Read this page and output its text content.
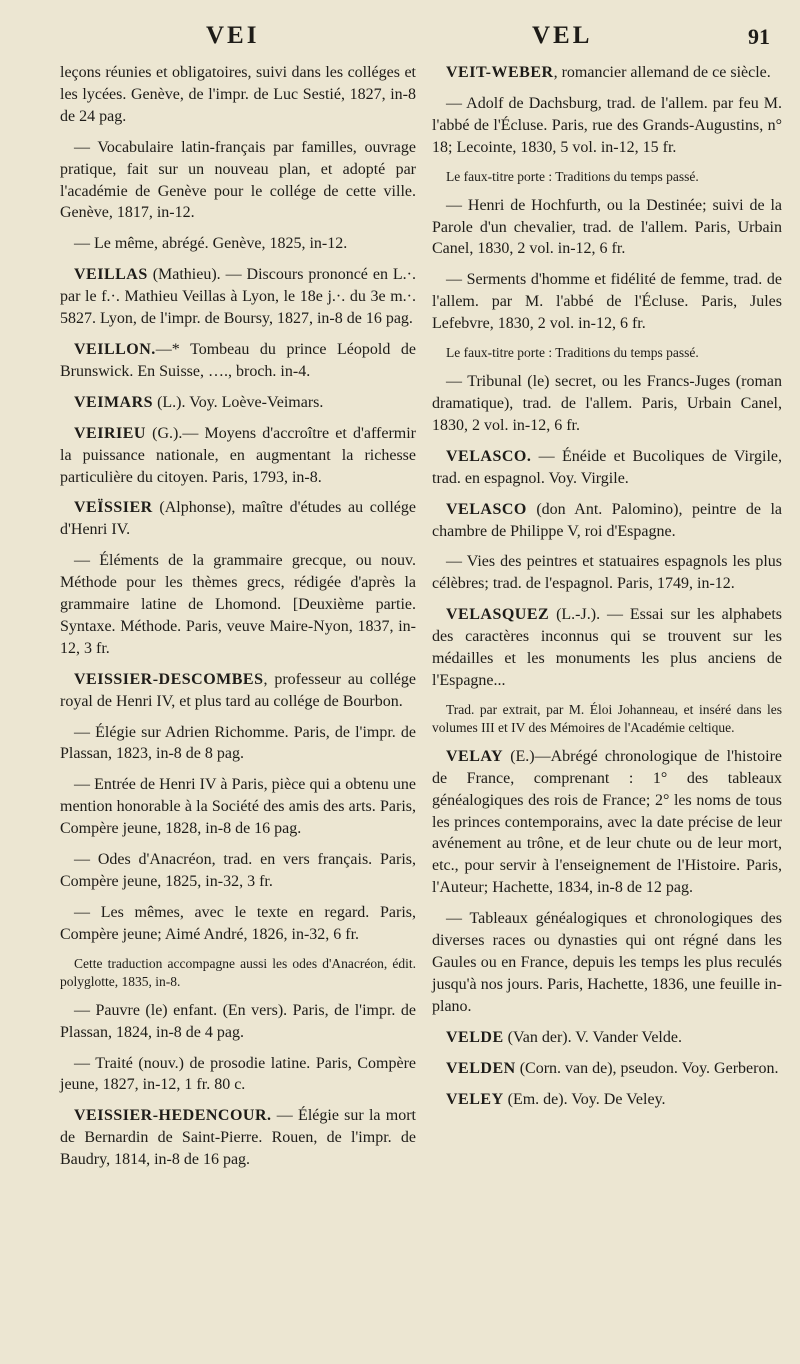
VEI	VEL	91

leçons réunies et obligatoires, suivi dans les colléges et les lycées. Genève, de l'impr. de Luc Sestié, 1827, in-8 de 24 pag.

— Vocabulaire latin-français par familles, ouvrage pratique, fait sur un nouveau plan, et adopté par l'académie de Genève pour le collége de cette ville. Genève, 1817, in-12.

— Le même, abrégé. Genève, 1825, in-12.

VEILLAS (Mathieu). — Discours prononcé en L.·. par le f.·. Mathieu Veillas à Lyon, le 18e j.·. du 3e m.·. 5827. Lyon, de l'impr. de Boursy, 1827, in-8 de 16 pag.

VEILLON.—* Tombeau du prince Léopold de Brunswick. En Suisse, …., broch. in-4.

VEIMARS (L.). Voy. Loève-Veimars.

VEIRIEU (G.).— Moyens d'accroître et d'affermir la puissance nationale, en augmentant la richesse particulière du citoyen. Paris, 1793, in-8.

VEÏSSIER (Alphonse), maître d'études au collége d'Henri IV.

— Éléments de la grammaire grecque, ou nouv. Méthode pour les thèmes grecs, rédigée d'après la grammaire latine de Lhomond. [Deuxième partie. Syntaxe. Méthode. Paris, veuve Maire-Nyon, 1837, in-12, 3 fr.

VEISSIER-DESCOMBES, professeur au collége royal de Henri IV, et plus tard au collége de Bourbon.

— Élégie sur Adrien Richomme. Paris, de l'impr. de Plassan, 1823, in-8 de 8 pag.

— Entrée de Henri IV à Paris, pièce qui a obtenu une mention honorable à la Société des amis des arts. Paris, Compère jeune, 1828, in-8 de 16 pag.

— Odes d'Anacréon, trad. en vers français. Paris, Compère jeune, 1825, in-32, 3 fr.

— Les mêmes, avec le texte en regard. Paris, Compère jeune; Aimé André, 1826, in-32, 6 fr.

Cette traduction accompagne aussi les odes d'Anacréon, édit. polyglotte, 1835, in-8.

— Pauvre (le) enfant. (En vers). Paris, de l'impr. de Plassan, 1824, in-8 de 4 pag.

— Traité (nouv.) de prosodie latine. Paris, Compère jeune, 1827, in-12, 1 fr. 80 c.

VEISSIER-HEDENCOUR. — Élégie sur la mort de Bernardin de Saint-Pierre. Rouen, de l'impr. de Baudry, 1814, in-8 de 16 pag.

VEIT-WEBER, romancier allemand de ce siècle.

— Adolf de Dachsburg, trad. de l'allem. par feu M. l'abbé de l'Écluse. Paris, rue des Grands-Augustins, n° 18; Lecointe, 1830, 5 vol. in-12, 15 fr.

Le faux-titre porte : Traditions du temps passé.

— Henri de Hochfurth, ou la Destinée; suivi de la Parole d'un chevalier, trad. de l'allem. Paris, Urbain Canel, 1830, 2 vol. in-12, 6 fr.

— Serments d'homme et fidélité de femme, trad. de l'allem. par M. l'abbé de l'Écluse. Paris, Jules Lefebvre, 1830, 2 vol. in-12, 6 fr.

Le faux-titre porte : Traditions du temps passé.

— Tribunal (le) secret, ou les Francs-Juges (roman dramatique), trad. de l'allem. Paris, Urbain Canel, 1830, 2 vol. in-12, 6 fr.

VELASCO. — Énéide et Bucoliques de Virgile, trad. en espagnol. Voy. Virgile.

VELASCO (don Ant. Palomino), peintre de la chambre de Philippe V, roi d'Espagne.

— Vies des peintres et statuaires espagnols les plus célèbres; trad. de l'espagnol. Paris, 1749, in-12.

VELASQUEZ (L.-J.). — Essai sur les alphabets des caractères inconnus qui se trouvent sur les médailles et les monuments les plus anciens de l'Espagne...

Trad. par extrait, par M. Éloi Johanneau, et inséré dans les volumes III et IV des Mémoires de l'Académie celtique.

VELAY (E.)—Abrégé chronologique de l'histoire de France, comprenant : 1° des tableaux généalogiques des rois de France; 2° les noms de tous les princes contemporains, avec la date précise de leur avénement au trône, et de leur chute ou de leur mort, etc., pour servir à l'enseignement de l'Histoire. Paris, l'Auteur; Hachette, 1834, in-8 de 12 pag.

— Tableaux généalogiques et chronologiques des diverses races ou dynasties qui ont régné dans les Gaules ou en France, depuis les temps les plus reculés jusqu'à nos jours. Paris, Hachette, 1836, une feuille in-plano.

VELDE (Van der). V. Vander Velde.

VELDEN (Corn. van de), pseudon. Voy. Gerberon.

VELEY (Em. de). Voy. De Veley.
